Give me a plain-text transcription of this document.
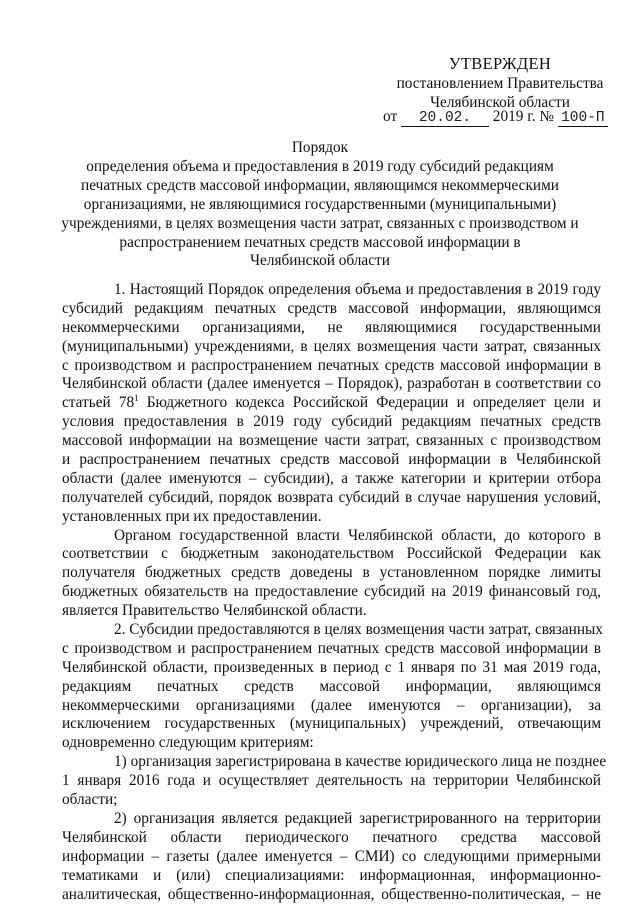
УТВЕРЖДЕН
постановлением Правительства
Челябинской области
от 20.02. 2019 г. № 100-П
Порядок
определения объема и предоставления в 2019 году субсидий редакциям
печатных средств массовой информации, являющимся некоммерческими
организациями, не являющимися государственными (муниципальными)
учреждениями, в целях возмещения части затрат, связанных с производством и
распространением печатных средств массовой информации в
Челябинской области
1. Настоящий Порядок определения объема и предоставления в 2019 году
субсидий редакциям печатных средств массовой информации, являющимся
некоммерческими организациями, не являющимися государственными
(муниципальными) учреждениями, в целях возмещения части затрат, связанных
с производством и распространением печатных средств массовой информации в
Челябинской области (далее именуется – Порядок), разработан в соответствии со
статьей $78^1$ Бюджетного кодекса Российской Федерации и определяет цели и
условия предоставления в 2019 году субсидий редакциям печатных средств
массовой информации на возмещение части затрат, связанных с производством
и распространением печатных средств массовой информации в Челябинской
области (далее именуются – субсидии), а также категории и критерии отбора
получателей субсидий, порядок возврата субсидий в случае нарушения условий,
установленных при их предоставлении.
Органом государственной власти Челябинской области, до которого в
соответствии с бюджетным законодательством Российской Федерации как
получателя бюджетных средств доведены в установленном порядке лимиты
бюджетных обязательств на предоставление субсидий на 2019 финансовый год,
является Правительство Челябинской области.
2. Субсидии предоставляются в целях возмещения части затрат, связанных
с производством и распространением печатных средств массовой информации в
Челябинской области, произведенных в период с 1 января по 31 мая 2019 года,
редакциям печатных средств массовой информации, являющимся
некоммерческими организациями (далее именуются – организации), за
исключением государственных (муниципальных) учреждений, отвечающим
одновременно следующим критериям:
1) организация зарегистрирована в качестве юридического лица не позднее
1 января 2016 года и осуществляет деятельность на территории Челябинской
области;
2) организация является редакцией зарегистрированного на территории
Челябинской области периодического печатного средства массовой
информации – газеты (далее именуется – СМИ) со следующими примерными
тематиками и (или) специализациями: информационная, информационно-
аналитическая, общественно-информационная, общественно-политическая, – не
